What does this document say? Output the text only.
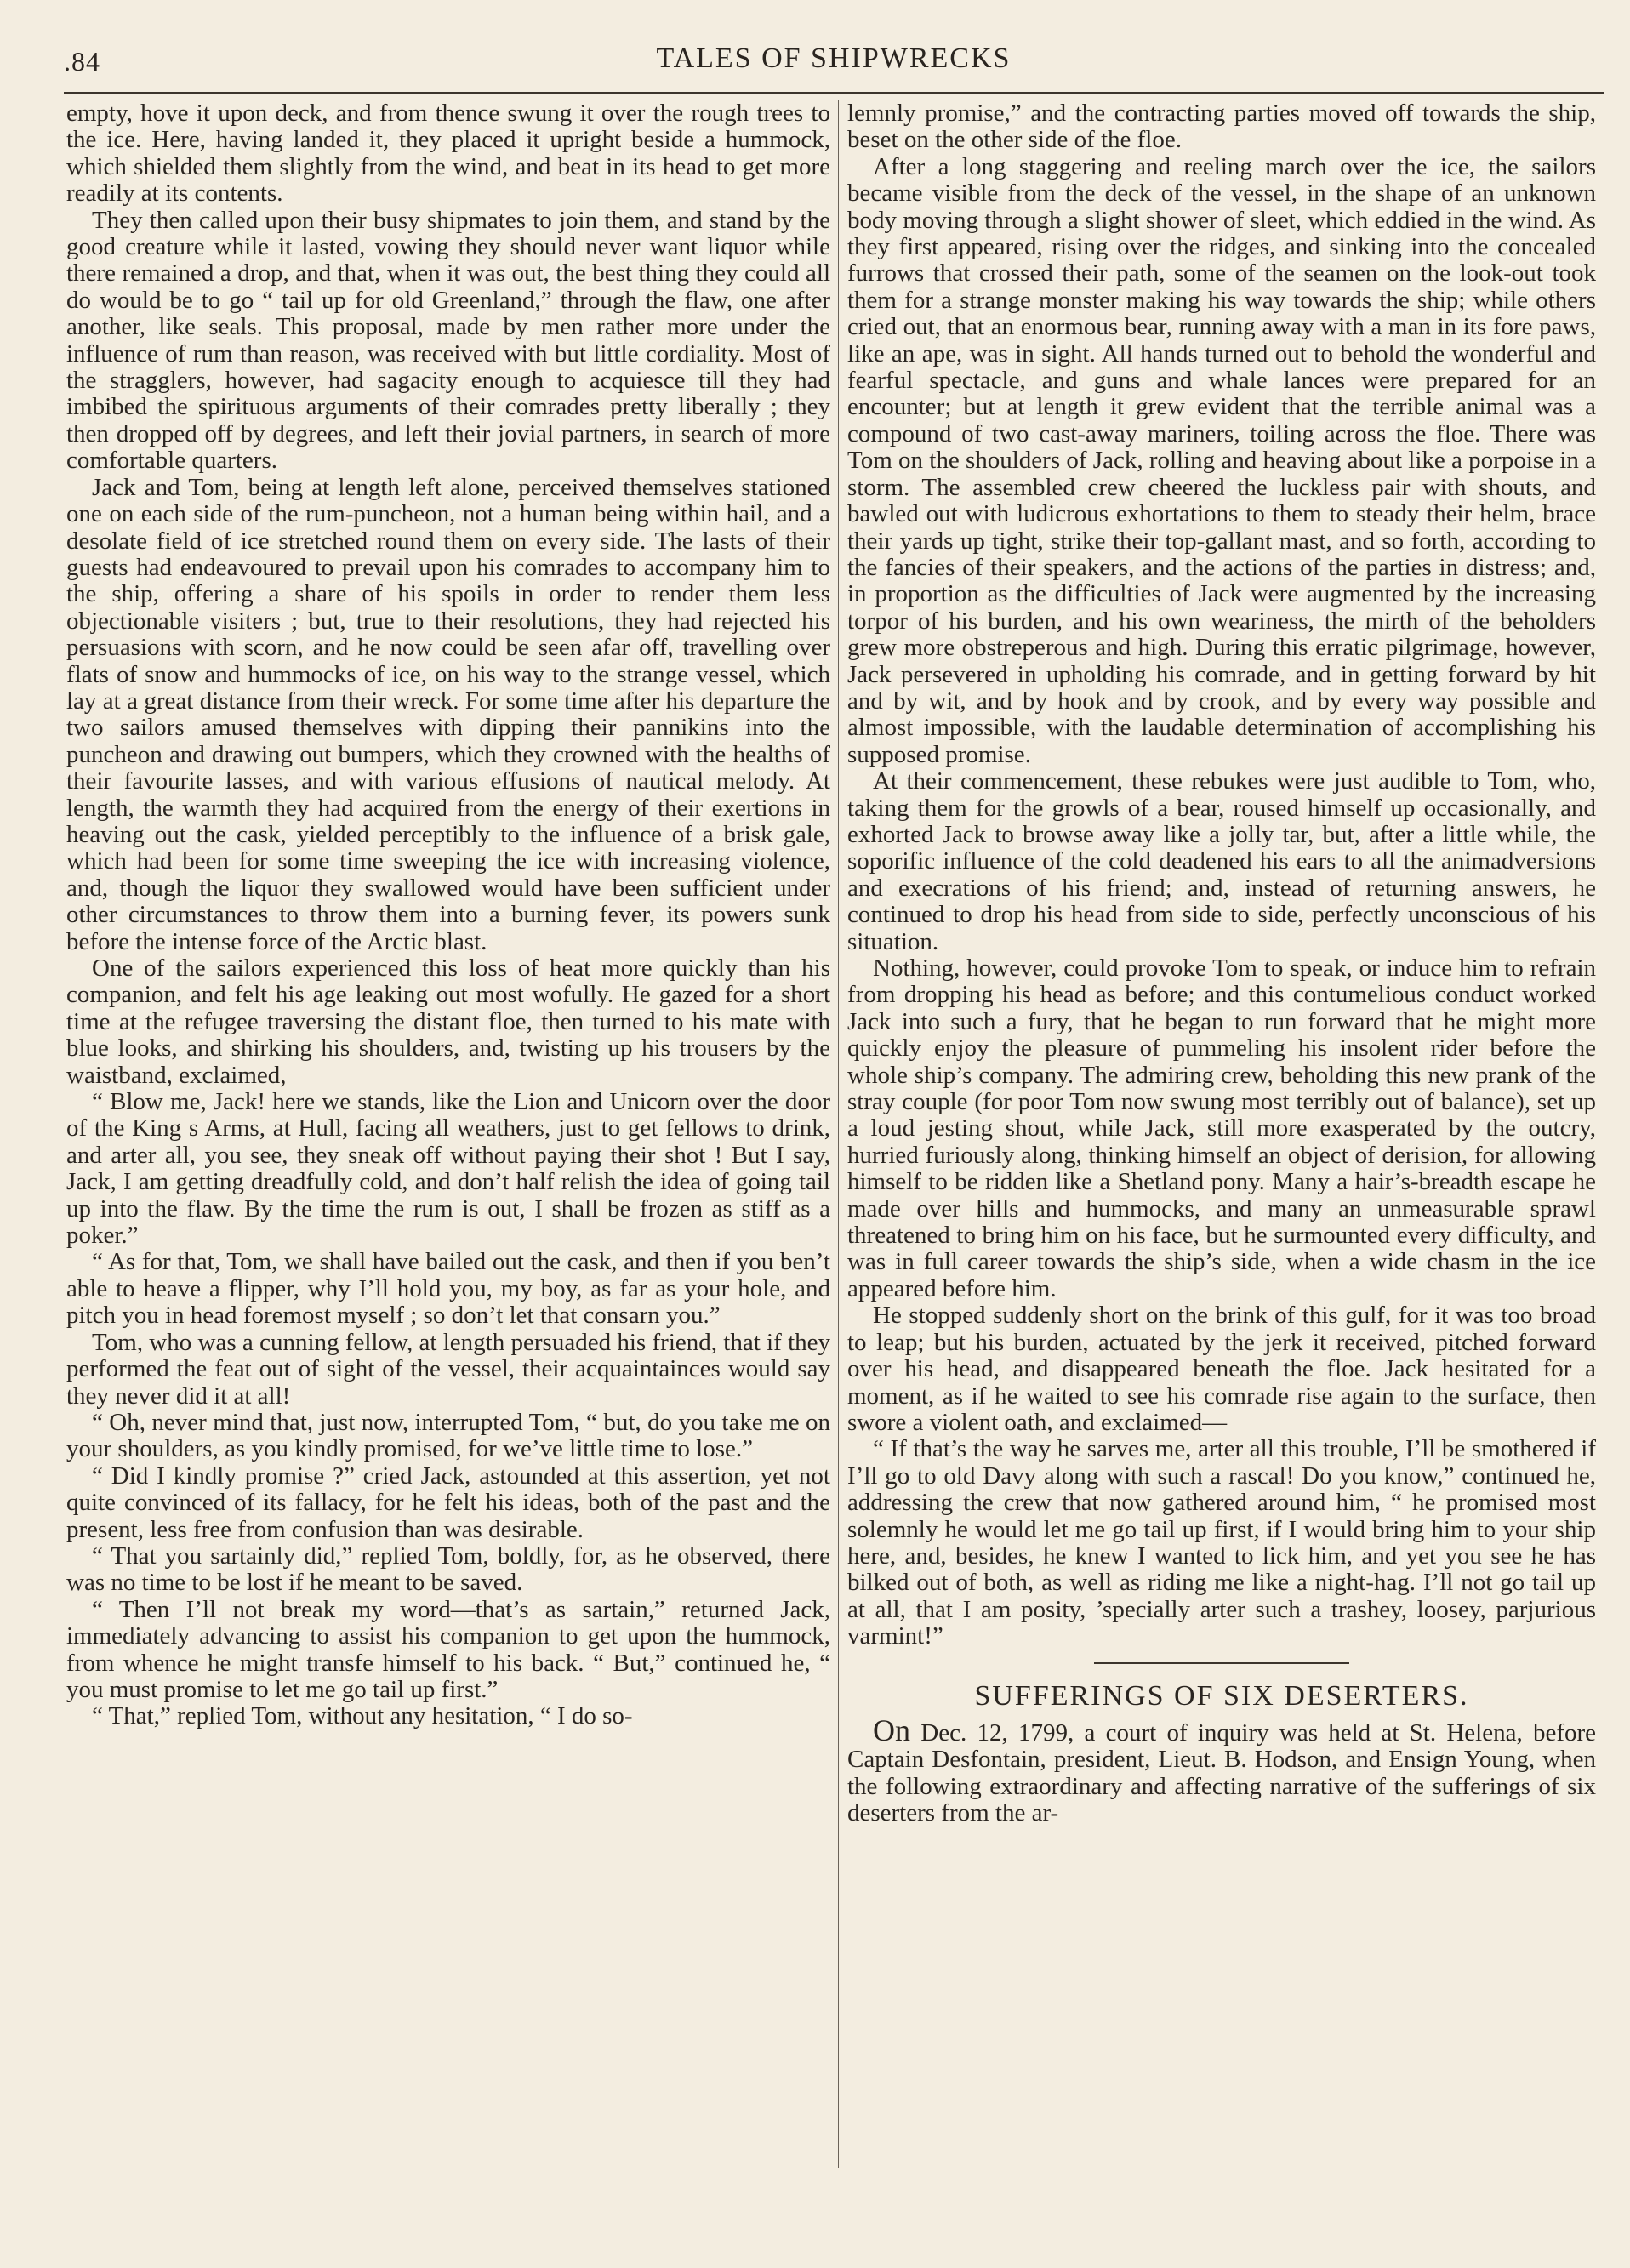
.84	TALES OF SHIPWRECKS

empty, hove it upon deck, and from thence swung it over the rough trees to the ice. Here, having landed it, they placed it upright beside a hummock, which shielded them slightly from the wind, and beat in its head to get more readily at its contents.

They then called upon their busy shipmates to join them, and stand by the good creature while it lasted, vowing they should never want liquor while there remained a drop, and that, when it was out, the best thing they could all do would be to go “ tail up for old Greenland,” through the flaw, one after another, like seals. This proposal, made by men rather more under the influence of rum than reason, was received with but little cordiality. Most of the stragglers, however, had sagacity enough to acquiesce till they had imbibed the spirituous arguments of their comrades pretty liberally ; they then dropped off by degrees, and left their jovial partners, in search of more comfortable quarters.

Jack and Tom, being at length left alone, perceived themselves stationed one on each side of the rum-puncheon, not a human being within hail, and a desolate field of ice stretched round them on every side. The lasts of their guests had endeavoured to prevail upon his comrades to accompany him to the ship, offering a share of his spoils in order to render them less objectionable visiters ; but, true to their resolutions, they had rejected his persuasions with scorn, and he now could be seen afar off, travelling over flats of snow and hummocks of ice, on his way to the strange vessel, which lay at a great distance from their wreck. For some time after his departure the two sailors amused themselves with dipping their pannikins into the puncheon and drawing out bumpers, which they crowned with the healths of their favourite lasses, and with various effusions of nautical melody. At length, the warmth they had acquired from the energy of their exertions in heaving out the cask, yielded perceptibly to the influence of a brisk gale, which had been for some time sweeping the ice with increasing violence, and, though the liquor they swallowed would have been sufficient under other circumstances to throw them into a burning fever, its powers sunk before the intense force of the Arctic blast.

One of the sailors experienced this loss of heat more quickly than his companion, and felt his age leaking out most wofully. He gazed for a short time at the refugee traversing the distant floe, then turned to his mate with blue looks, and shirking his shoulders, and, twisting up his trousers by the waistband, exclaimed,

“ Blow me, Jack! here we stands, like the Lion and Unicorn over the door of the King s Arms, at Hull, facing all weathers, just to get fellows to drink, and arter all, you see, they sneak off without paying their shot ! But I say, Jack, I am getting dreadfully cold, and don’t half relish the idea of going tail up into the flaw. By the time the rum is out, I shall be frozen as stiff as a poker.”

“ As for that, Tom, we shall have bailed out the cask, and then if you ben’t able to heave a flipper, why I’ll hold you, my boy, as far as your hole, and pitch you in head foremost myself ; so don’t let that consarn you.”

Tom, who was a cunning fellow, at length persuaded his friend, that if they performed the feat out of sight of the vessel, their acquaintainces would say they never did it at all!

“ Oh, never mind that, just now, interrupted Tom, “ but, do you take me on your shoulders, as you kindly promised, for we’ve little time to lose.”

“ Did I kindly promise ?” cried Jack, astounded at this assertion, yet not quite convinced of its fallacy, for he felt his ideas, both of the past and the present, less free from confusion than was desirable.

“ That you sartainly did,” replied Tom, boldly, for, as he observed, there was no time to be lost if he meant to be saved.

“ Then I’ll not break my word—that’s as sartain,” returned Jack, immediately advancing to assist his companion to get upon the hummock, from whence he might transfe himself to his back. “ But,” continued he, “ you must promise to let me go tail up first.”

“ That,” replied Tom, without any hesitation, “ I do so-

lemnly promise,” and the contracting parties moved off towards the ship, beset on the other side of the floe.

After a long staggering and reeling march over the ice, the sailors became visible from the deck of the vessel, in the shape of an unknown body moving through a slight shower of sleet, which eddied in the wind. As they first appeared, rising over the ridges, and sinking into the concealed furrows that crossed their path, some of the seamen on the look-out took them for a strange monster making his way towards the ship; while others cried out, that an enormous bear, running away with a man in its fore paws, like an ape, was in sight. All hands turned out to behold the wonderful and fearful spectacle, and guns and whale lances were prepared for an encounter; but at length it grew evident that the terrible animal was a compound of two cast-away mariners, toiling across the floe. There was Tom on the shoulders of Jack, rolling and heaving about like a porpoise in a storm. The assembled crew cheered the luckless pair with shouts, and bawled out with ludicrous exhortations to them to steady their helm, brace their yards up tight, strike their top-gallant mast, and so forth, according to the fancies of their speakers, and the actions of the parties in distress; and, in proportion as the difficulties of Jack were augmented by the increasing torpor of his burden, and his own weariness, the mirth of the beholders grew more obstreperous and high. During this erratic pilgrimage, however, Jack persevered in upholding his comrade, and in getting forward by hit and by wit, and by hook and by crook, and by every way possible and almost impossible, with the laudable determination of accomplishing his supposed promise.

At their commencement, these rebukes were just audible to Tom, who, taking them for the growls of a bear, roused himself up occasionally, and exhorted Jack to browse away like a jolly tar, but, after a little while, the soporific influence of the cold deadened his ears to all the animadversions and execrations of his friend; and, instead of returning answers, he continued to drop his head from side to side, perfectly unconscious of his situation.

Nothing, however, could provoke Tom to speak, or induce him to refrain from dropping his head as before; and this contumelious conduct worked Jack into such a fury, that he began to run forward that he might more quickly enjoy the pleasure of pummeling his insolent rider before the whole ship’s company. The admiring crew, beholding this new prank of the stray couple (for poor Tom now swung most terribly out of balance), set up a loud jesting shout, while Jack, still more exasperated by the outcry, hurried furiously along, thinking himself an object of derision, for allowing himself to be ridden like a Shetland pony. Many a hair’s-breadth escape he made over hills and hummocks, and many an unmeasurable sprawl threatened to bring him on his face, but he surmounted every difficulty, and was in full career towards the ship’s side, when a wide chasm in the ice appeared before him.

He stopped suddenly short on the brink of this gulf, for it was too broad to leap; but his burden, actuated by the jerk it received, pitched forward over his head, and disappeared beneath the floe. Jack hesitated for a moment, as if he waited to see his comrade rise again to the surface, then swore a violent oath, and exclaimed—

“ If that’s the way he sarves me, arter all this trouble, I’ll be smothered if I’ll go to old Davy along with such a rascal! Do you know,” continued he, addressing the crew that now gathered around him, “ he promised most solemnly he would let me go tail up first, if I would bring him to your ship here, and, besides, he knew I wanted to lick him, and yet you see he has bilked out of both, as well as riding me like a night-hag. I’ll not go tail up at all, that I am posity, ’specially arter such a trashey, loosey, parjurious varmint!”

SUFFERINGS OF SIX DESERTERS.

On Dec. 12, 1799, a court of inquiry was held at St. Helena, before Captain Desfontain, president, Lieut. B. Hodson, and Ensign Young, when the following extraordinary and affecting narrative of the sufferings of six deserters from the ar-
